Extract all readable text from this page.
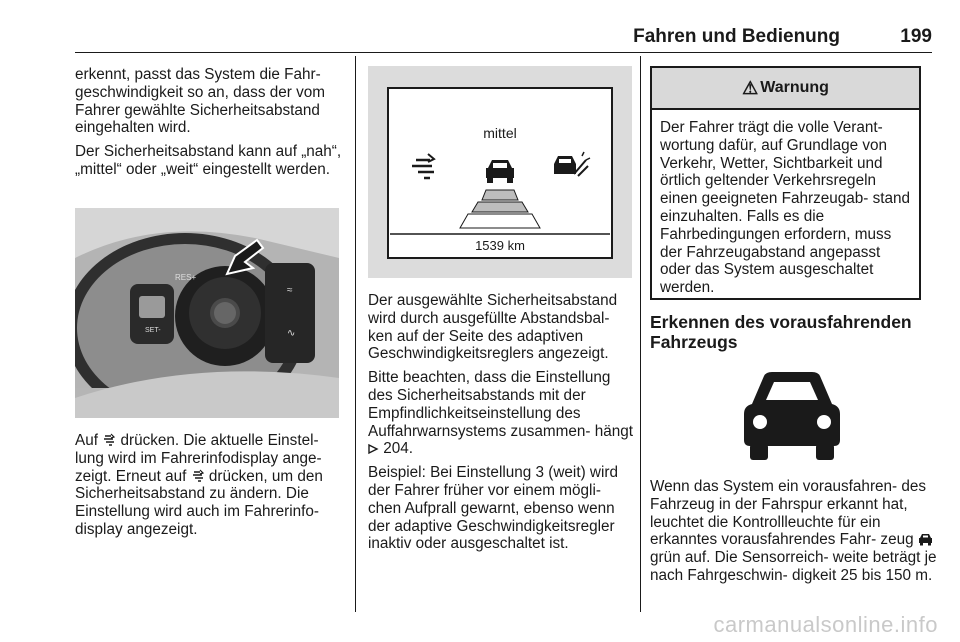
Fahren und Bedienung	199

erkennt, passt das System die Fahr- geschwindigkeit so an, dass der vom Fahrer gewählte Sicherheitsabstand eingehalten wird.

Der Sicherheitsabstand kann auf „nah“, „mittel“ oder „weit“ eingestellt werden.

RES+
SET-
≈
∿

Auf  drücken. Die aktuelle Einstel- lung wird im Fahrerinfodisplay ange- zeigt. Erneut auf  drücken, um den Sicherheitsabstand zu ändern. Die Einstellung wird auch im Fahrerinfo- display angezeigt.

mittel
1539 km

Der ausgewählte Sicherheitsabstand wird durch ausgefüllte Abstandsbal- ken auf der Seite des adaptiven Geschwindigkeitsreglers angezeigt.

Bitte beachten, dass die Einstellung des Sicherheitsabstands mit der Empfindlichkeitseinstellung des Auffahrwarnsystems zusammen- hängt  204.

Beispiel: Bei Einstellung 3 (weit) wird der Fahrer früher vor einem mögli- chen Aufprall gewarnt, ebenso wenn der adaptive Geschwindigkeitsregler inaktiv oder ausgeschaltet ist.

⚠ Warnung
Der Fahrer trägt die volle Verant- wortung dafür, auf Grundlage von Verkehr, Wetter, Sichtbarkeit und örtlich geltender Verkehrsregeln einen geeigneten Fahrzeugab- stand einzuhalten. Falls es die Fahrbedingungen erfordern, muss der Fahrzeugabstand angepasst oder das System ausgeschaltet werden.
Erkennen des vorausfahrenden Fahrzeugs

Wenn das System ein vorausfahren- des Fahrzeug in der Fahrspur erkannt hat, leuchtet die Kontrollleuchte für ein erkanntes vorausfahrendes Fahr- zeug  grün auf. Die Sensorreich- weite beträgt je nach Fahrgeschwin- digkeit 25 bis 150 m.

carmanualsonline.info
